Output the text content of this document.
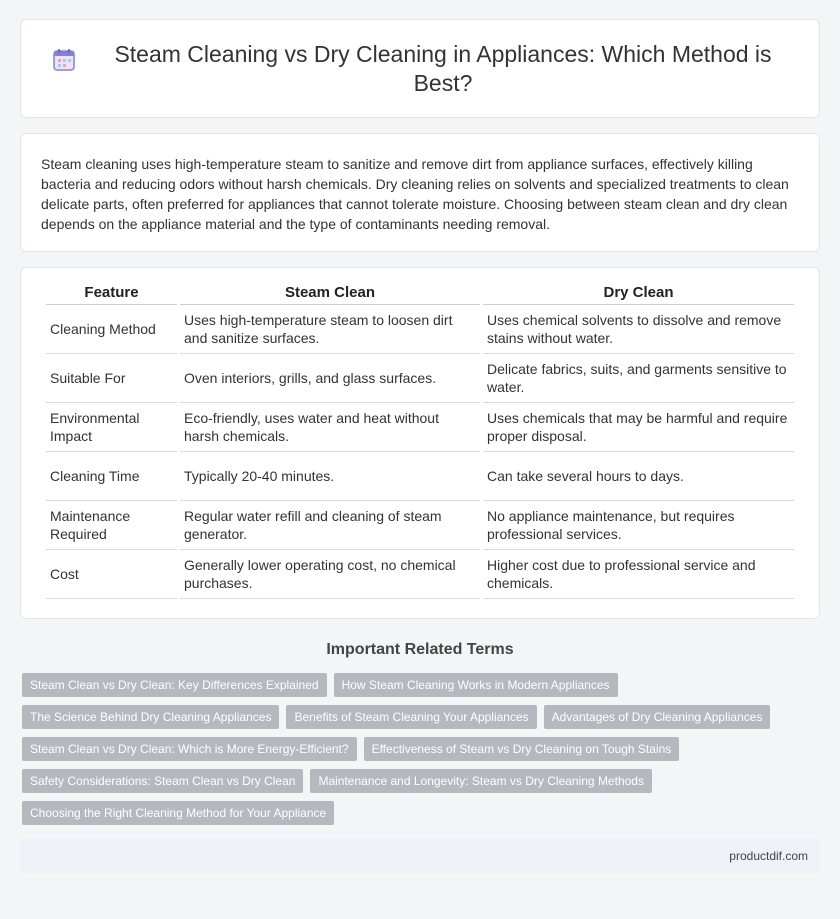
Steam Cleaning vs Dry Cleaning in Appliances: Which Method is Best?

Steam cleaning uses high-temperature steam to sanitize and remove dirt from appliance surfaces, effectively killing bacteria and reducing odors without harsh chemicals. Dry cleaning relies on solvents and specialized treatments to clean delicate parts, often preferred for appliances that cannot tolerate moisture. Choosing between steam clean and dry clean depends on the appliance material and the type of contaminants needing removal.

Feature	Steam Clean	Dry Clean
Cleaning Method	Uses high-temperature steam to loosen dirt and sanitize surfaces.	Uses chemical solvents to dissolve and remove stains without water.
Suitable For	Oven interiors, grills, and glass surfaces.	Delicate fabrics, suits, and garments sensitive to water.
Environmental Impact	Eco-friendly, uses water and heat without harsh chemicals.	Uses chemicals that may be harmful and require proper disposal.
Cleaning Time	Typically 20-40 minutes.	Can take several hours to days.
Maintenance Required	Regular water refill and cleaning of steam generator.	No appliance maintenance, but requires professional services.
Cost	Generally lower operating cost, no chemical purchases.	Higher cost due to professional service and chemicals.
Important Related Terms
Steam Clean vs Dry Clean: Key Differences Explained	How Steam Cleaning Works in Modern Appliances
The Science Behind Dry Cleaning Appliances	Benefits of Steam Cleaning Your Appliances	Advantages of Dry Cleaning Appliances
Steam Clean vs Dry Clean: Which is More Energy-Efficient?	Effectiveness of Steam vs Dry Cleaning on Tough Stains
Safety Considerations: Steam Clean vs Dry Clean	Maintenance and Longevity: Steam vs Dry Cleaning Methods
Choosing the Right Cleaning Method for Your Appliance
productdif.com
